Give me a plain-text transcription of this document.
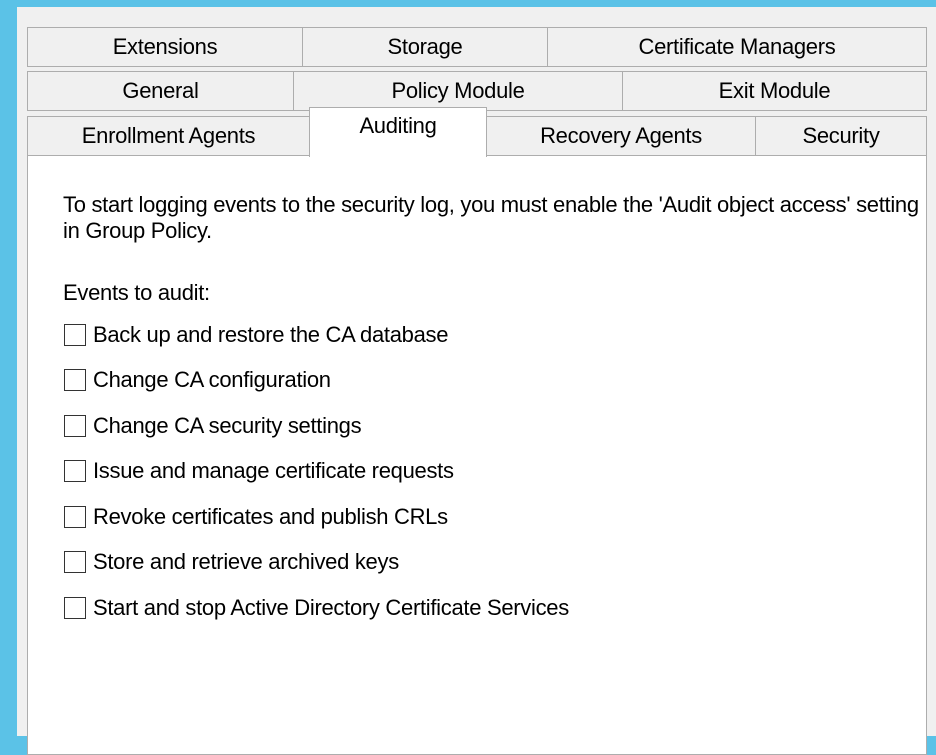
Extensions	Storage	Certificate Managers
General	Policy Module	Exit Module
Enrollment Agents	Auditing	Recovery Agents	Security

To start logging events to the security log, you must enable the 'Audit object access' setting in Group Policy.

Events to audit:
Back up and restore the CA database
Change CA configuration
Change CA security settings
Issue and manage certificate requests
Revoke certificates and publish CRLs
Store and retrieve archived keys
Start and stop Active Directory Certificate Services
